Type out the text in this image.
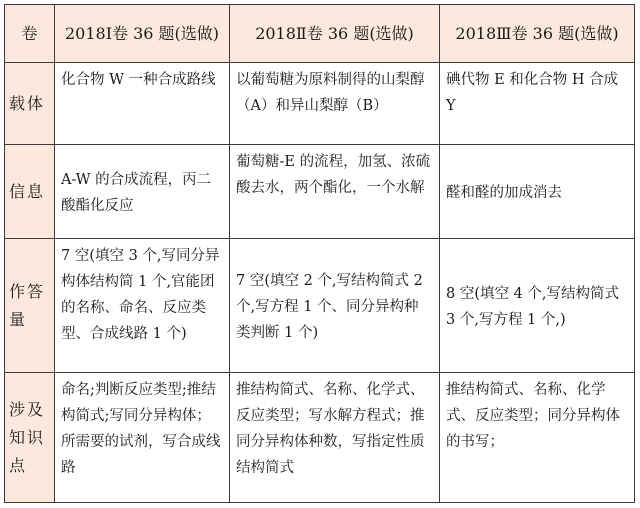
卷	2018Ⅰ卷 36 题(选做)	2018Ⅱ卷 36 题(选做)	2018Ⅲ卷 36 题(选做)
载体	化合物 W 一种合成路线	以葡萄糖为原料制得的山梨醇（A）和异山梨醇（B）	碘代物 E 和化合物 H 合成 Y
信息	A-W 的合成流程，丙二酸酯化反应	葡萄糖-E 的流程，加氢、浓硫酸去水，两个酯化，一个水解	醛和醛的加成消去
作答量	7 空(填空 3 个,写同分异构体结构简 1 个,官能团的名称、命名、反应类型、合成线路 1 个)	7 空(填空 2 个,写结构简式 2 个,写方程 1 个、同分异构种类判断 1 个)	8 空(填空 4 个,写结构简式 3 个,写方程 1 个,)
涉及知识点	命名;判断反应类型;推结构简式;写同分异构体；所需要的试剂，写合成线路	推结构简式、名称、化学式、反应类型；写水解方程式；推同分异构体种数，写指定性质结构简式	推结构简式、名称、化学式、反应类型；同分异构体的书写；
